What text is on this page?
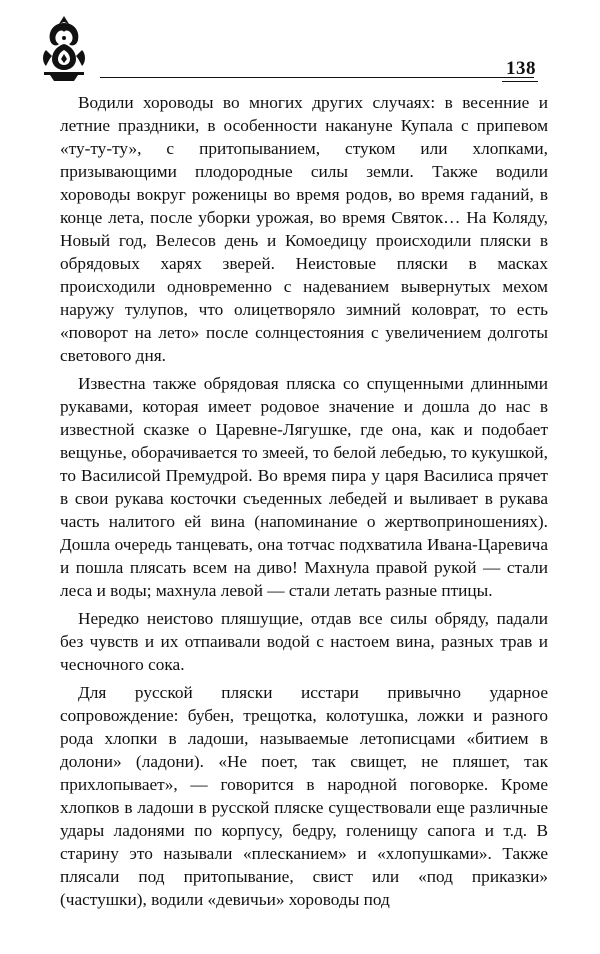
138

Водили хороводы во многих других случаях: в весенние и летние праздники, в особенности накануне Купала с припевом «ту-ту-ту», с притопыванием, стуком или хлопками, призывающими плодородные силы земли. Также водили хороводы вокруг роженицы во время родов, во время гаданий, в конце лета, после уборки урожая, во время Святок… На Коляду, Новый год, Велесов день и Комоедицу происходили пляски в обрядовых харях зверей. Неистовые пляски в масках происходили одновременно с надеванием вывернутых мехом наружу тулупов, что олицетворяло зимний коловрат, то есть «поворот на лето» после солнцестояния с увеличением долготы светового дня.

Известна также обрядовая пляска со спущенными длинными рукавами, которая имеет родовое значение и дошла до нас в известной сказке о Царевне-Лягушке, где она, как и подобает вещунье, оборачивается то змеей, то белой лебедью, то кукушкой, то Василисой Премудрой. Во время пира у царя Василиса прячет в свои рукава косточки съеденных лебедей и выливает в рукава часть налитого ей вина (напоминание о жертвоприношениях). Дошла очередь танцевать, она тотчас подхватила Ивана-Царевича и пошла плясать всем на диво! Махнула правой рукой — стали леса и воды; махнула левой — стали летать разные птицы.

Нередко неистово пляшущие, отдав все силы обряду, падали без чувств и их отпаивали водой с настоем вина, разных трав и чесночного сока.

Для русской пляски исстари привычно ударное сопровождение: бубен, трещотка, колотушка, ложки и разного рода хлопки в ладоши, называемые летописцами «битием в долони» (ладони). «Не поет, так свищет, не пляшет, так прихлопывает», — говорится в народной поговорке. Кроме хлопков в ладоши в русской пляске существовали еще различные удары ладонями по корпусу, бедру, голенищу сапога и т.д. В старину это называли «плесканием» и «хлопушками». Также плясали под притопывание, свист или «под приказки» (частушки), водили «девичьи» хороводы под
